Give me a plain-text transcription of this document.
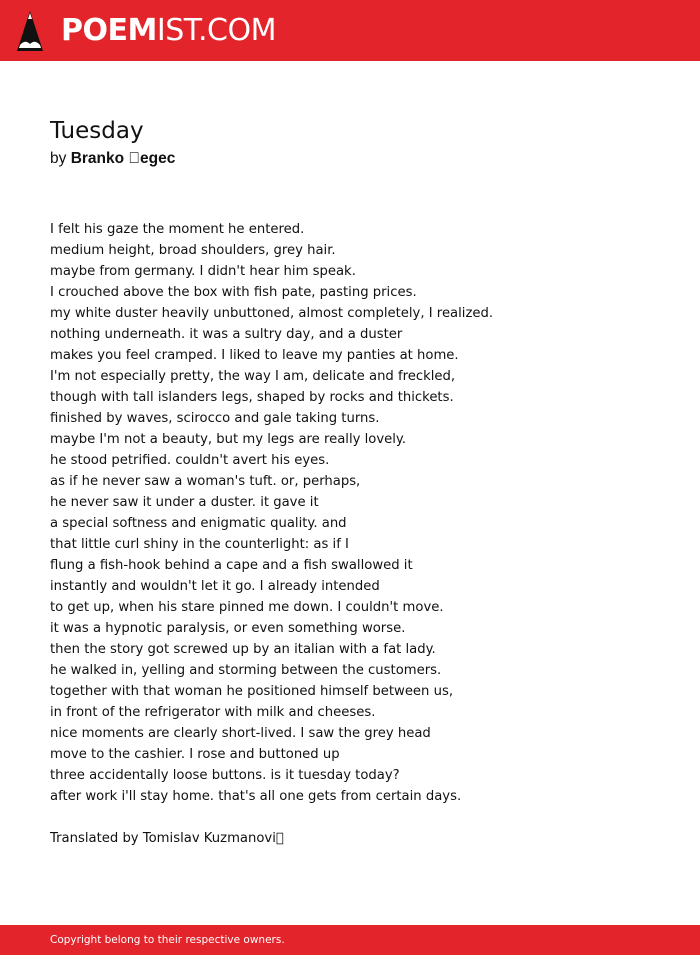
POEM IST.COM
Tuesday
by Branko  egec
I felt his gaze the moment he entered.
medium height, broad shoulders, grey hair.
maybe from germany. I didn't hear him speak.
I crouched above the box with fish pate, pasting prices.
my white duster heavily unbuttoned, almost completely, I realized.
nothing underneath. it was a sultry day, and a duster
makes you feel cramped. I liked to leave my panties at home.
I'm not especially pretty, the way I am, delicate and freckled,
though with tall islanders legs, shaped by rocks and thickets.
finished by waves, scirocco and gale taking turns.
maybe I'm not a beauty, but my legs are really lovely.
he stood petrified. couldn't avert his eyes.
as if he never saw a woman's tuft. or, perhaps,
he never saw it under a duster. it gave it
a special softness and enigmatic quality. and
that little curl shiny in the counterlight: as if I
flung a fish-hook behind a cape and a fish swallowed it
instantly and wouldn't let it go. I already intended
to get up, when his stare pinned me down. I couldn't move.
it was a hypnotic paralysis, or even something worse.
then the story got screwed up by an italian with a fat lady.
he walked in, yelling and storming between the customers.
together with that woman he positioned himself between us,
in front of the refrigerator with milk and cheeses.
nice moments are clearly short-lived. I saw the grey head
move to the cashier. I rose and buttoned up
three accidentally loose buttons. is it tuesday today?
after work i'll stay home. that's all one gets from certain days.
Translated by Tomislav Kuzmanovi 
Copyright belong to their respective owners.
